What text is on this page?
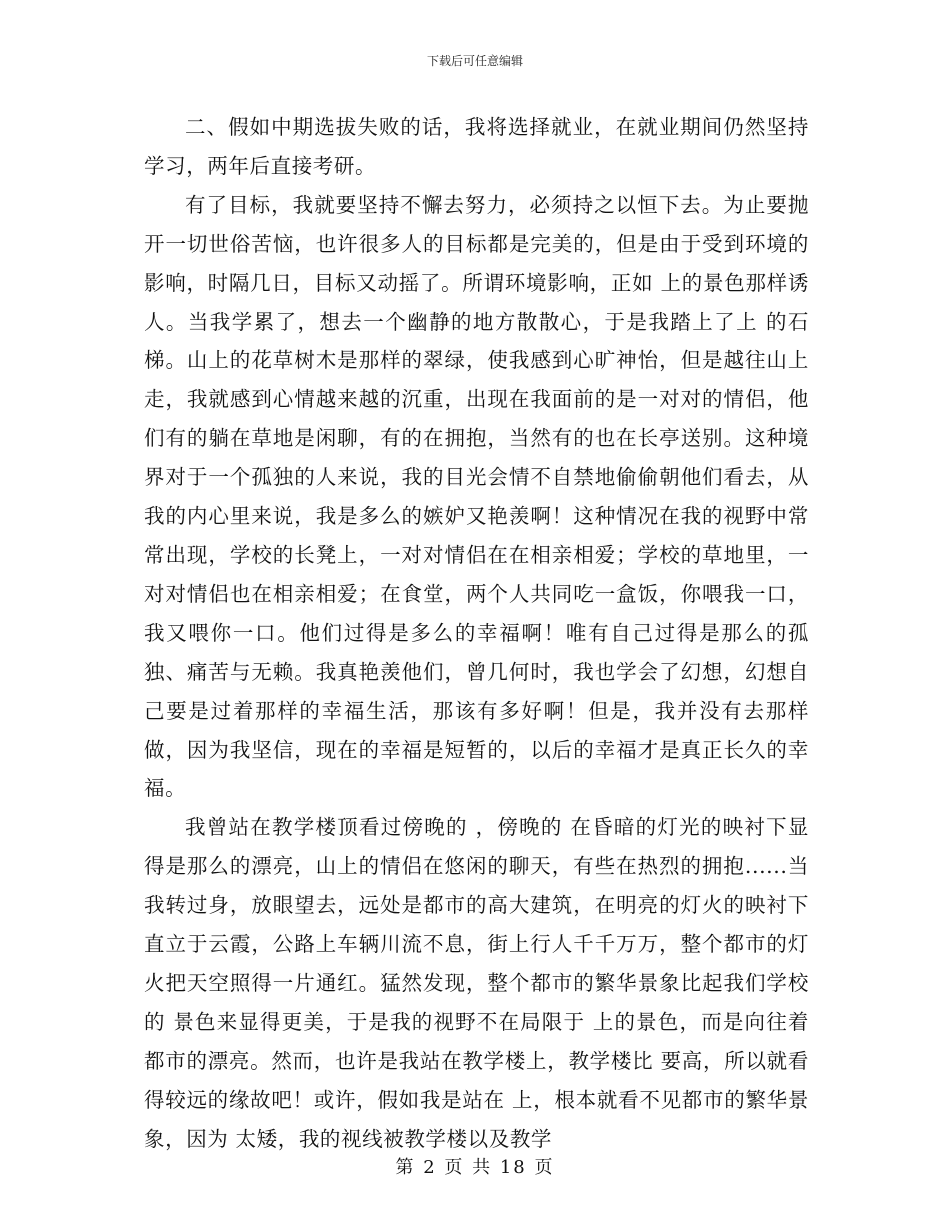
下载后可任意编辑

二、假如中期选拔失败的话，我将选择就业，在就业期间仍然坚持学习，两年后直接考研。

有了目标，我就要坚持不懈去努力，必须持之以恒下去。为止要抛开一切世俗苦恼，也许很多人的目标都是完美的，但是由于受到环境的影响，时隔几日，目标又动摇了。所谓环境影响，正如 上的景色那样诱人。当我学累了，想去一个幽静的地方散散心，于是我踏上了上 的石梯。山上的花草树木是那样的翠绿，使我感到心旷神怡，但是越往山上走，我就感到心情越来越的沉重，出现在我面前的是一对对的情侣，他们有的躺在草地是闲聊，有的在拥抱，当然有的也在长亭送别。这种境界对于一个孤独的人来说，我的目光会情不自禁地偷偷朝他们看去，从我的内心里来说，我是多么的嫉妒又艳羡啊！这种情况在我的视野中常常出现，学校的长凳上，一对对情侣在在相亲相爱；学校的草地里，一对对情侣也在相亲相爱；在食堂，两个人共同吃一盒饭，你喂我一口，我又喂你一口。他们过得是多么的幸福啊！唯有自己过得是那么的孤独、痛苦与无赖。我真艳羡他们，曾几何时，我也学会了幻想，幻想自己要是过着那样的幸福生活，那该有多好啊！但是，我并没有去那样做，因为我坚信，现在的幸福是短暂的，以后的幸福才是真正长久的幸福。

我曾站在教学楼顶看过傍晚的 ，傍晚的 在昏暗的灯光的映衬下显得是那么的漂亮，山上的情侣在悠闲的聊天，有些在热烈的拥抱......当我转过身，放眼望去，远处是都市的高大建筑，在明亮的灯火的映衬下直立于云霞，公路上车辆川流不息，街上行人千千万万，整个都市的灯火把天空照得一片通红。猛然发现，整个都市的繁华景象比起我们学校的 景色来显得更美，于是我的视野不在局限于 上的景色，而是向往着都市的漂亮。然而，也许是我站在教学楼上，教学楼比 要高，所以就看得较远的缘故吧！或许，假如我是站在 上，根本就看不见都市的繁华景象，因为 太矮，我的视线被教学楼以及教学

第 2 页 共 18 页
